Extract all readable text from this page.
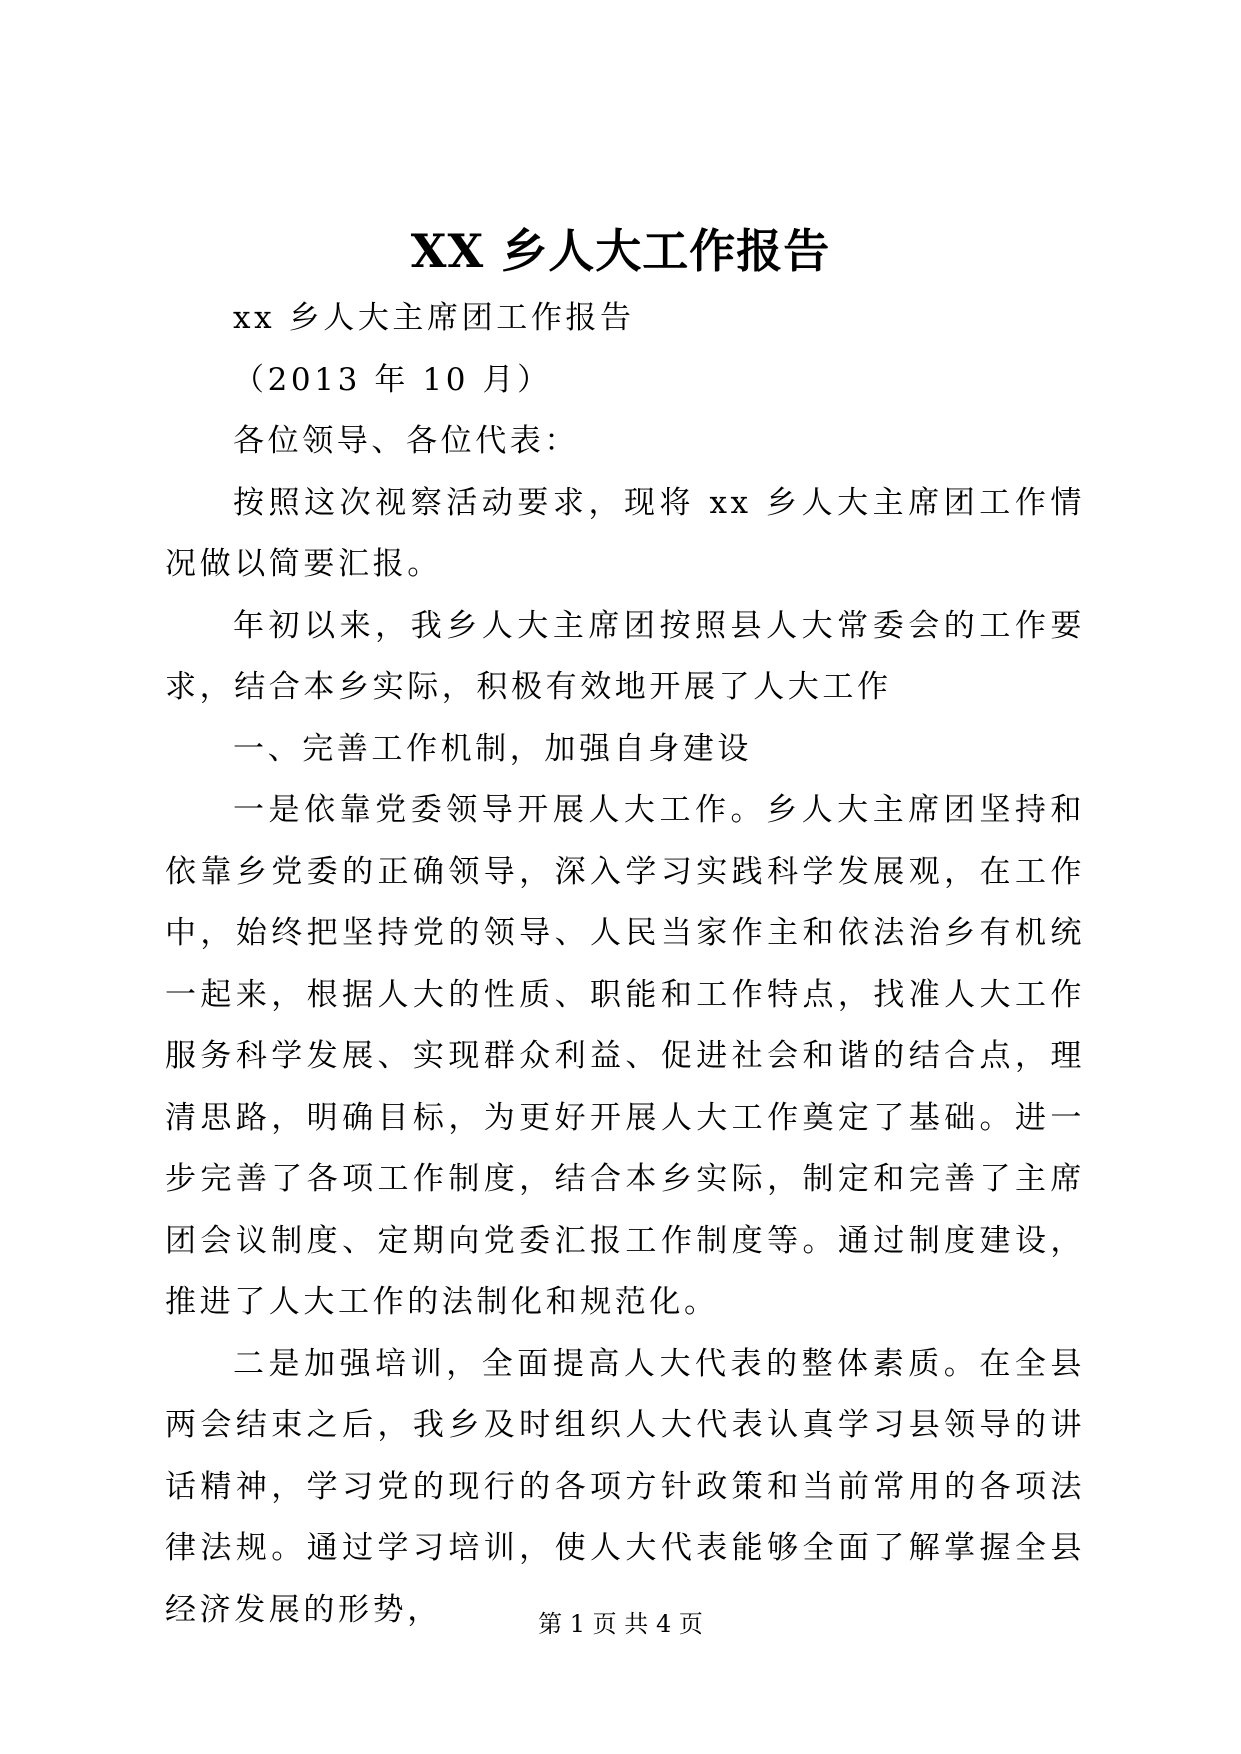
XX 乡人大工作报告

xx 乡人大主席团工作报告

（2013 年 10 月）

各位领导、各位代表：

按照这次视察活动要求，现将 xx 乡人大主席团工作情况做以简要汇报。

年初以来，我乡人大主席团按照县人大常委会的工作要求，结合本乡实际，积极有效地开展了人大工作

一、完善工作机制，加强自身建设

一是依靠党委领导开展人大工作。乡人大主席团坚持和依靠乡党委的正确领导，深入学习实践科学发展观，在工作中，始终把坚持党的领导、人民当家作主和依法治乡有机统一起来，根据人大的性质、职能和工作特点，找准人大工作服务科学发展、实现群众利益、促进社会和谐的结合点，理清思路，明确目标，为更好开展人大工作奠定了基础。进一步完善了各项工作制度，结合本乡实际，制定和完善了主席团会议制度、定期向党委汇报工作制度等。通过制度建设，推进了人大工作的法制化和规范化。

二是加强培训，全面提高人大代表的整体素质。在全县两会结束之后，我乡及时组织人大代表认真学习县领导的讲话精神，学习党的现行的各项方针政策和当前常用的各项法律法规。通过学习培训，使人大代表能够全面了解掌握全县经济发展的形势，	第 1 页 共 4 页
